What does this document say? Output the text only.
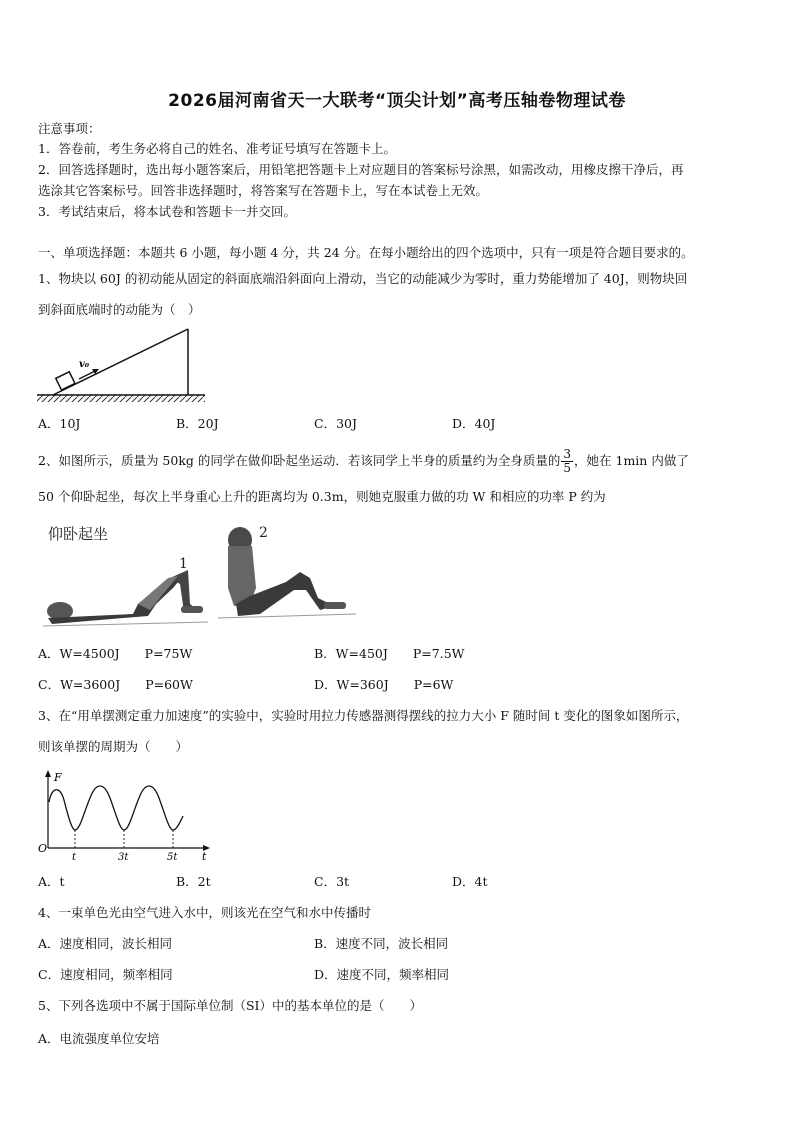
2026届河南省天一大联考“顶尖计划”高考压轴卷物理试卷
注意事项：
1．答卷前，考生务必将自己的姓名、准考证号填写在答题卡上。
2．回答选择题时，选出每小题答案后，用铅笔把答题卡上对应题目的答案标号涂黑，如需改动，用橡皮擦干净后，再
选涂其它答案标号。回答非选择题时，将答案写在答题卡上，写在本试卷上无效。
3．考试结束后，将本试卷和答题卡一并交回。
一、单项选择题：本题共 6 小题，每小题 4 分，共 24 分。在每小题给出的四个选项中，只有一项是符合题目要求的。
1、物块以 60J 的初动能从固定的斜面底端沿斜面向上滑动，当它的动能减少为零时，重力势能增加了 40J，则物块回
到斜面底端时的动能为（　）
v₀
A．10J	B．20J	C．30J	D．40J
2、如图所示，质量为 50kg 的同学在做仰卧起坐运动．若该同学上半身的质量约为全身质量的 $\frac{3}{5}$ ，她在 1min 内做了
50 个仰卧起坐，每次上半身重心上升的距离均为 0.3m，则她克服重力做的功 W 和相应的功率 P 约为
仰卧起坐
1
2
A．W=4500J　　P=75W	B．W=450J　　P=7.5W
C．W=3600J　　P=60W	D．W=360J　　P=6W
3、在“用单摆测定重力加速度”的实验中，实验时用拉力传感器测得摆线的拉力大小 F 随时间 t 变化的图象如图所示，
则该单摆的周期为（　　）
F
t
O
t	3t	5t
A．t	B．2t	C．3t	D．4t
4、一束单色光由空气进入水中，则该光在空气和水中传播时
A．速度相同，波长相同	B．速度不同，波长相同
C．速度相同，频率相同	D．速度不同，频率相同
5、下列各选项中不属于国际单位制（SI）中的基本单位的是（　　）
A．电流强度单位安培
